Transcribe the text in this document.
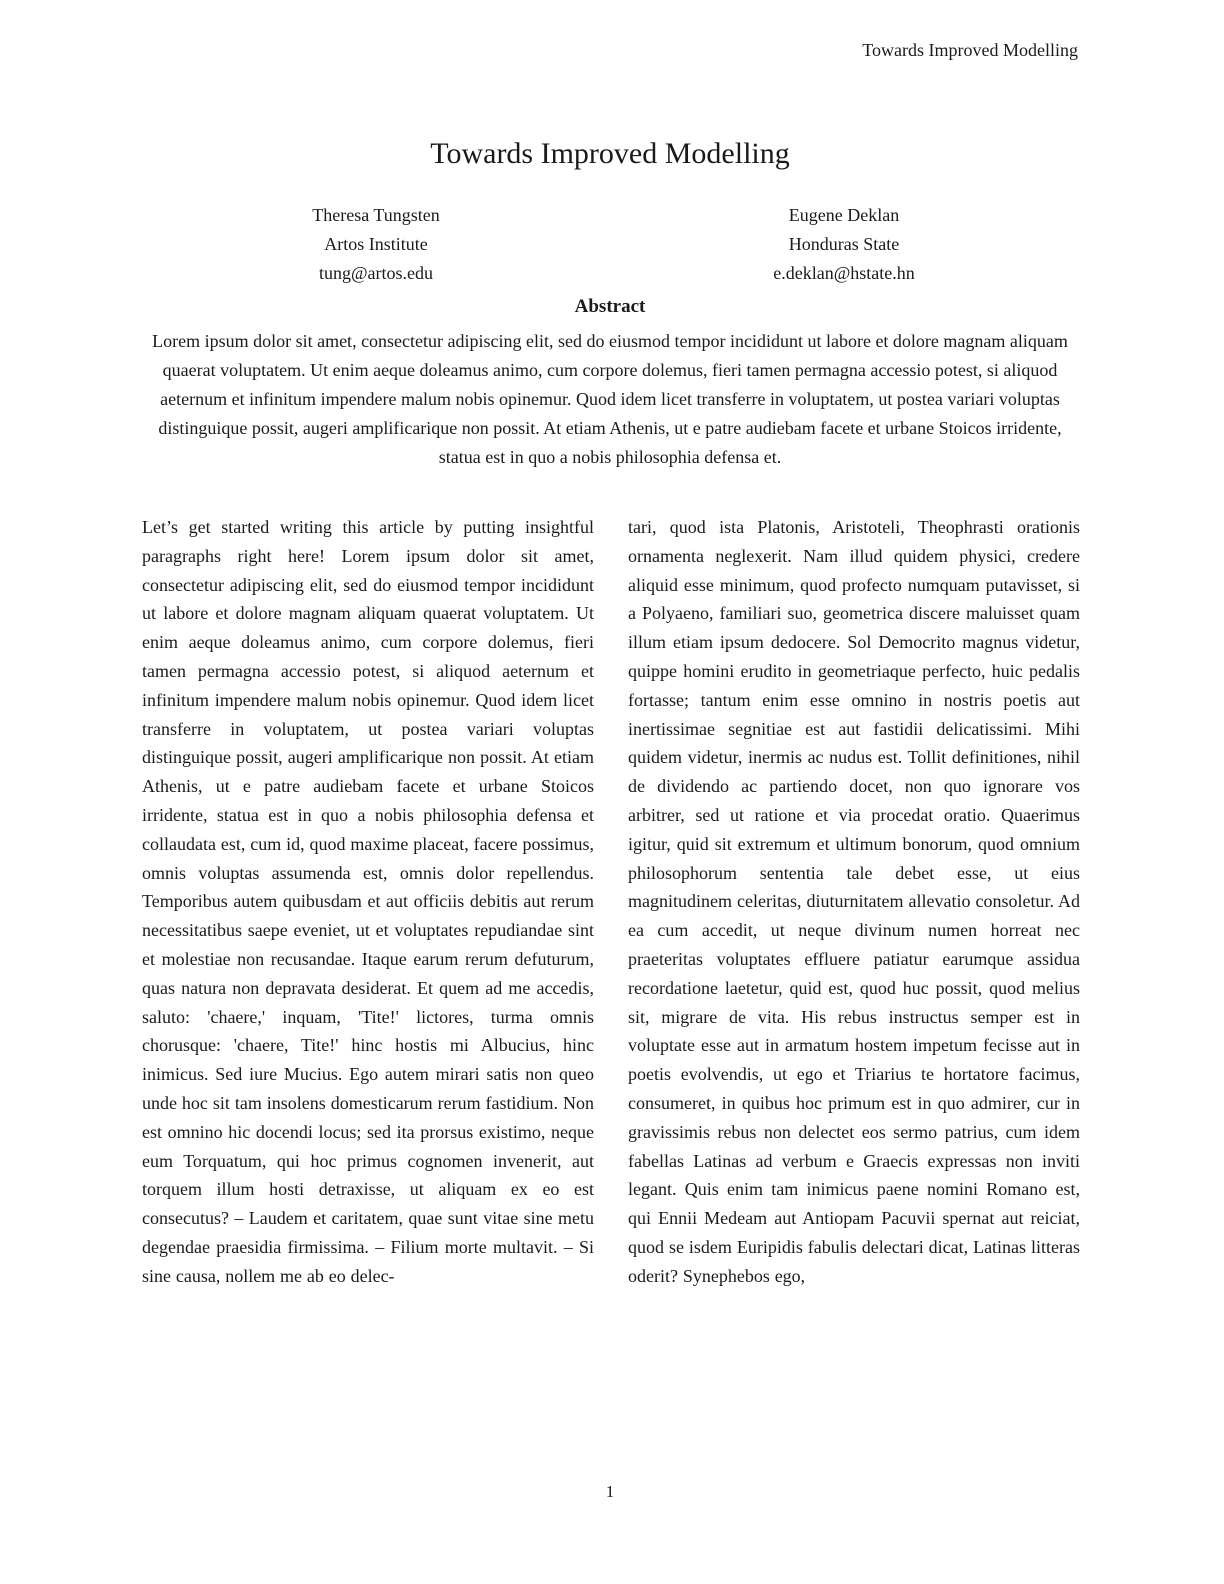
Towards Improved Modelling
Towards Improved Modelling
Theresa Tungsten
Artos Institute
tung@artos.edu
Eugene Deklan
Honduras State
e.deklan@hstate.hn
Abstract
Lorem ipsum dolor sit amet, consectetur adipiscing elit, sed do eiusmod tempor incididunt ut labore et dolore magnam aliquam quaerat voluptatem. Ut enim aeque doleamus animo, cum corpore dolemus, fieri tamen permagna accessio potest, si aliquod aeternum et infinitum impendere malum nobis opinemur. Quod idem licet transferre in voluptatem, ut postea variari voluptas distinguique possit, augeri amplificarique non possit. At etiam Athenis, ut e patre audiebam facete et urbane Stoicos irridente, statua est in quo a nobis philosophia defensa et.
Let’s get started writing this article by putting insightful paragraphs right here! Lorem ipsum dolor sit amet, consectetur adipiscing elit, sed do eiusmod tempor incididunt ut labore et dolore magnam aliquam quaerat voluptatem. Ut enim aeque doleamus animo, cum corpore dolemus, fieri tamen permagna accessio potest, si aliquod aeternum et infinitum impendere malum nobis opinemur. Quod idem licet transferre in voluptatem, ut postea variari voluptas distinguique possit, augeri amplificarique non possit. At etiam Athenis, ut e patre audiebam facete et urbane Stoicos irridente, statua est in quo a nobis philosophia defensa et collaudata est, cum id, quod maxime placeat, facere possimus, omnis voluptas assumenda est, omnis dolor repellendus. Temporibus autem quibusdam et aut officiis debitis aut rerum necessitatibus saepe eveniet, ut et voluptates repudiandae sint et molestiae non recusandae. Itaque earum rerum defuturum, quas natura non depravata desiderat. Et quem ad me accedis, saluto: 'chaere,' inquam, 'Tite!' lictores, turma omnis chorusque: 'chaere, Tite!' hinc hostis mi Albucius, hinc inimicus. Sed iure Mucius. Ego autem mirari satis non queo unde hoc sit tam insolens domesticarum rerum fastidium. Non est omnino hic docendi locus; sed ita prorsus existimo, neque eum Torquatum, qui hoc primus cognomen invenerit, aut torquem illum hosti detraxisse, ut aliquam ex eo est consecutus? – Laudem et caritatem, quae sunt vitae sine metu degendae praesidia firmissima. – Filium morte multavit. – Si sine causa, nollem me ab eo delec-
tari, quod ista Platonis, Aristoteli, Theophrasti orationis ornamenta neglexerit. Nam illud quidem physici, credere aliquid esse minimum, quod profecto numquam putavisset, si a Polyaeno, familiari suo, geometrica discere maluisset quam illum etiam ipsum dedocere. Sol Democrito magnus videtur, quippe homini erudito in geometriaque perfecto, huic pedalis fortasse; tantum enim esse omnino in nostris poetis aut inertissimae segnitiae est aut fastidii delicatissimi. Mihi quidem videtur, inermis ac nudus est. Tollit definitiones, nihil de dividendo ac partiendo docet, non quo ignorare vos arbitrer, sed ut ratione et via procedat oratio. Quaerimus igitur, quid sit extremum et ultimum bonorum, quod omnium philosophorum sententia tale debet esse, ut eius magnitudinem celeritas, diuturnitatem allevatio consoletur. Ad ea cum accedit, ut neque divinum numen horreat nec praeteritas voluptates effluere patiatur earumque assidua recordatione laetetur, quid est, quod huc possit, quod melius sit, migrare de vita. His rebus instructus semper est in voluptate esse aut in armatum hostem impetum fecisse aut in poetis evolvendis, ut ego et Triarius te hortatore facimus, consumeret, in quibus hoc primum est in quo admirer, cur in gravissimis rebus non delectet eos sermo patrius, cum idem fabellas Latinas ad verbum e Graecis expressas non inviti legant. Quis enim tam inimicus paene nomini Romano est, qui Ennii Medeam aut Antiopam Pacuvii spernat aut reiciat, quod se isdem Euripidis fabulis delectari dicat, Latinas litteras oderit? Synephebos ego,
1
